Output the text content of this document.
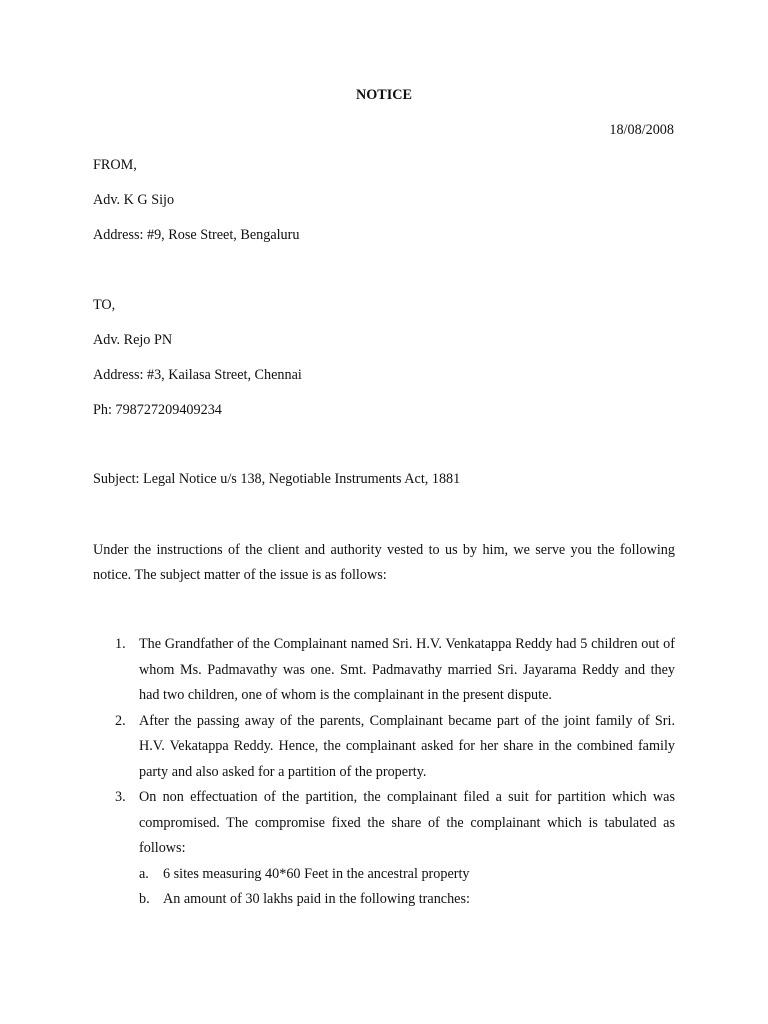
NOTICE
18/08/2008
FROM,
Adv. K G Sijo
Address: #9, Rose Street, Bengaluru
TO,
Adv. Rejo PN
Address: #3, Kailasa Street, Chennai
Ph: 798727209409234
Subject: Legal Notice u/s 138, Negotiable Instruments Act, 1881
Under the instructions of the client and authority vested to us by him, we serve you the following notice. The subject matter of the issue is as follows:
1. The Grandfather of the Complainant named Sri. H.V. Venkatappa Reddy had 5 children out of whom Ms. Padmavathy was one. Smt. Padmavathy married Sri. Jayarama Reddy and they had two children, one of whom is the complainant in the present dispute.
2. After the passing away of the parents, Complainant became part of the joint family of Sri. H.V. Vekatappa Reddy. Hence, the complainant asked for her share in the combined family party and also asked for a partition of the property.
3. On non effectuation of the partition, the complainant filed a suit for partition which was compromised. The compromise fixed the share of the complainant which is tabulated as follows:
a. 6 sites measuring 40*60 Feet in the ancestral property
b. An amount of 30 lakhs paid in the following tranches:
